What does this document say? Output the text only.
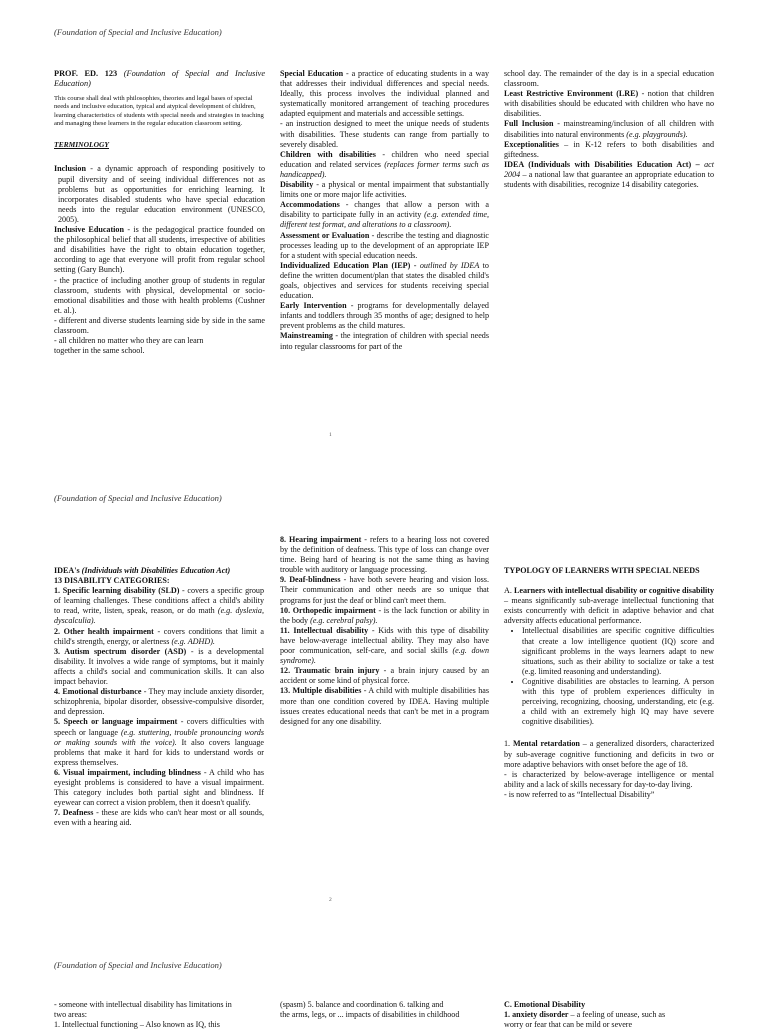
(Foundation of Special and Inclusive Education)

PROF. ED. 123 (Foundation of Special and Inclusive Education)

This course shall deal with philosophies, theories and legal bases of special needs and inclusive education, typical and atypical development of children, learning characteristics of students with special needs and strategies in teaching and managing these learners in the regular education classroom setting.

TERMINOLOGY

Inclusion - a dynamic approach of responding positively to pupil diversity and of seeing individual differences not as problems but as opportunities for enriching learning. It incorporates disabled students who have special education needs into the regular education environment (UNESCO, 2005).

Inclusive Education - is the pedagogical practice founded on the philosophical belief that all students, irrespective of abilities and disabilities have the right to obtain education together, according to age that everyone will profit from regular school setting (Gary Bunch).

- the practice of including another group of students in regular classroom, students with physical, developmental or socio-emotional disabilities and those with health problems (Cushner et. al.).

- different and diverse students learning side by side in the same classroom.

- all children no matter who they are can learn

together in the same school.

Special Education - a practice of educating students in a way that addresses their individual differences and special needs. Ideally, this process involves the individual planned and systematically monitored arrangement of teaching procedures adapted equipment and materials and accessible settings.

- an instruction designed to meet the unique needs of students with disabilities. These students can range from partially to severely disabled.

Children with disabilities - children who need special education and related services (replaces former terms such as handicapped).

Disability - a physical or mental impairment that substantially limits one or more major life activities.

Accommodations - changes that allow a person with a disability to participate fully in an activity (e.g. extended time, different test format, and alterations to a classroom).

Assessment or Evaluation - describe the testing and diagnostic processes leading up to the development of an appropriate IEP for a student with special education needs.

Individualized Education Plan (IEP) - outlined by IDEA to define the written document/plan that states the disabled child's goals, objectives and services for students receiving special education.

Early Intervention - programs for developmentally delayed infants and toddlers through 35 months of age; designed to help prevent problems as the child matures.

Mainstreaming - the integration of children with special needs into regular classrooms for part of the

school day. The remainder of the day is in a special education classroom.

Least Restrictive Environment (LRE) - notion that children with disabilities should be educated with children who have no disabilities.

Full Inclusion - mainstreaming/inclusion of all children with disabilities into natural environments (e.g. playgrounds).

Exceptionalities – in K-12 refers to both disabilities and giftedness.

IDEA (Individuals with Disabilities Education Act) – act 2004 – a national law that guarantee an appropriate education to students with disabilities, recognize 14 disability categories.

1
(Foundation of Special and Inclusive Education)

IDEA's (Individuals with Disabilities Education Act)

13 DISABILITY CATEGORIES:

1. Specific learning disability (SLD) - covers a specific group of learning challenges. These conditions affect a child's ability to read, write, listen, speak, reason, or do math (e.g. dyslexia, dyscalculia).

2. Other health impairment - covers conditions that limit a child's strength, energy, or alertness (e.g. ADHD).

3. Autism spectrum disorder (ASD) - is a developmental disability. It involves a wide range of symptoms, but it mainly affects a child's social and communication skills. It can also impact behavior.

4. Emotional disturbance - They may include anxiety disorder, schizophrenia, bipolar disorder, obsessive-compulsive disorder, and depression.

5. Speech or language impairment - covers difficulties with speech or language (e.g. stuttering, trouble pronouncing words or making sounds with the voice). It also covers language problems that make it hard for kids to understand words or express themselves.

6. Visual impairment, including blindness - A child who has eyesight problems is considered to have a visual impairment. This category includes both partial sight and blindness. If eyewear can correct a vision problem, then it doesn't qualify.

7. Deafness - these are kids who can't hear most or all sounds, even with a hearing aid.

8. Hearing impairment - refers to a hearing loss not covered by the definition of deafness. This type of loss can change over time. Being hard of hearing is not the same thing as having trouble with auditory or language processing.

9. Deaf-blindness - have both severe hearing and vision loss. Their communication and other needs are so unique that programs for just the deaf or blind can't meet them.

10. Orthopedic impairment - is the lack function or ability in the body (e.g. cerebral palsy).

11. Intellectual disability - Kids with this type of disability have below-average intellectual ability. They may also have poor communication, self-care, and social skills (e.g. down syndrome).

12. Traumatic brain injury - a brain injury caused by an accident or some kind of physical force.

13. Multiple disabilities - A child with multiple disabilities has more than one condition covered by IDEA. Having multiple issues creates educational needs that can't be met in a program designed for any one disability.

TYPOLOGY OF LEARNERS WITH SPECIAL NEEDS

A. Learners with intellectual disability or cognitive disability – means significantly sub-average intellectual functioning that exists concurrently with deficit in adaptive behavior and chat adversity affects educational performance.

• Intellectual disabilities are specific cognitive difficulties that create a low intelligence quotient (IQ) score and significant problems in the ways learners adapt to new situations, such as their ability to socialize or take a test (e.g. limited reasoning and understanding).
• Cognitive disabilities are obstacles to learning. A person with this type of problem experiences difficulty in perceiving, recognizing, choosing, understanding, etc (e.g. a child with an extremely high IQ may have severe cognitive disabilities).

1. Mental retardation – a generalized disorders, characterized by sub-average cognitive functioning and deficits in two or more adaptive behaviors with onset before the age of 18.

- is characterized by below-average intelligence or mental ability and a lack of skills necessary for day-to-day living.

- is now referred to as “Intellectual Disability”

2
(Foundation of Special and Inclusive Education)

- someone with intellectual disability has limitations in

two areas:

1. Intellectual functioning – Also known as IQ, this

(spasm) 5. balance and coordination 6. talking and

the arms, legs, or ... impacts of disabilities in childhood

C. Emotional Disability

1. anxiety disorder – a feeling of unease, such as

worry or fear that can be mild or severe
